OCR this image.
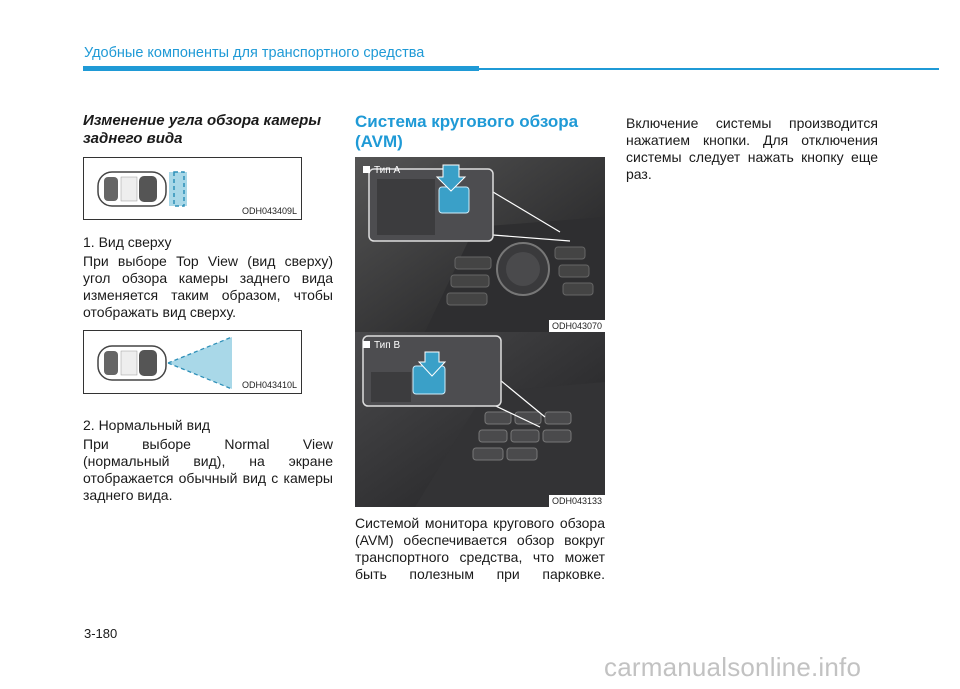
Удобные компоненты для транспортного средства
Изменение угла обзора камеры заднего вида
ODH043409L
1. Вид сверху
При выборе Top View (вид сверху) угол обзора камеры заднего вида изменяется таким образом, чтобы отображать вид сверху.
ODH043410L
2. Нормальный вид
При выборе Normal View (нормальный вид), на экране отображается обычный вид с камеры заднего вида.
Система кругового обзора (AVM)
Тип A
ODH043070
Тип B
ODH043133
Системой монитора кругового обзора (AVM) обеспечивается обзор вокруг транспортного средства, что может быть полезным при парковке.
Включение системы производится нажатием кнопки. Для отключения системы следует нажать кнопку еще раз.
3-180
carmanualsonline.info
